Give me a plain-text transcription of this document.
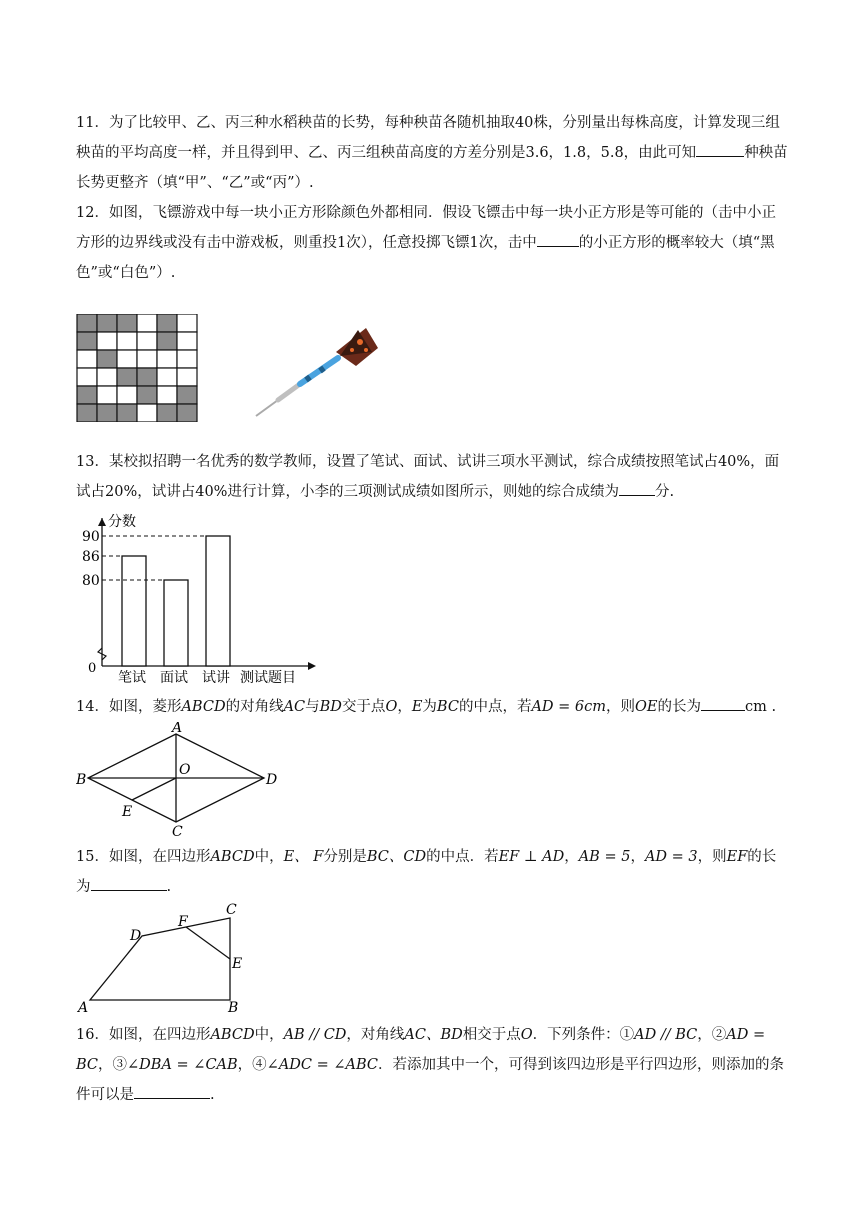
11．为了比较甲、乙、丙三种水稻秧苗的长势，每种秧苗各随机抽取40株，分别量出每株高度，计算发现三组秧苗的平均高度一样，并且得到甲、乙、丙三组秧苗高度的方差分别是3.6，1.8，5.8，由此可知	种秧苗长势更整齐（填“甲”、“乙”或“丙”）.

12．如图，飞镖游戏中每一块小正方形除颜色外都相同．假设飞镖击中每一块小正方形是等可能的（击中小正方形的边界线或没有击中游戏板，则重投1次），任意投掷飞镖1次，击中	的小正方形的概率较大（填“黑色”或“白色”）.

13．某校拟招聘一名优秀的数学教师，设置了笔试、面试、试讲三项水平测试，综合成绩按照笔试占40%，面试占20%，试讲占40%进行计算，小李的三项测试成绩如图所示，则她的综合成绩为 分.

分数
测试题目
笔试 面试 试讲
90
86
80
0

14．如图，菱形ABCD的对角线AC与BD交于点O，E为BC的中点，若AD = 6cm，则OE的长为	cm .

A
B
C
D
O
E

15．如图，在四边形ABCD中，E、 F分别是BC、CD的中点．若EF ⊥ AD，AB = 5，AD = 3，则EF的长为	.

A	B
C
D
E
F

16．如图，在四边形ABCD中，AB // CD，对角线AC、BD相交于点O．下列条件：①AD // BC，②AD = BC，③∠DBA = ∠CAB，④∠ADC = ∠ABC．若添加其中一个，可得到该四边形是平行四边形，则添加的条件可以是	.
